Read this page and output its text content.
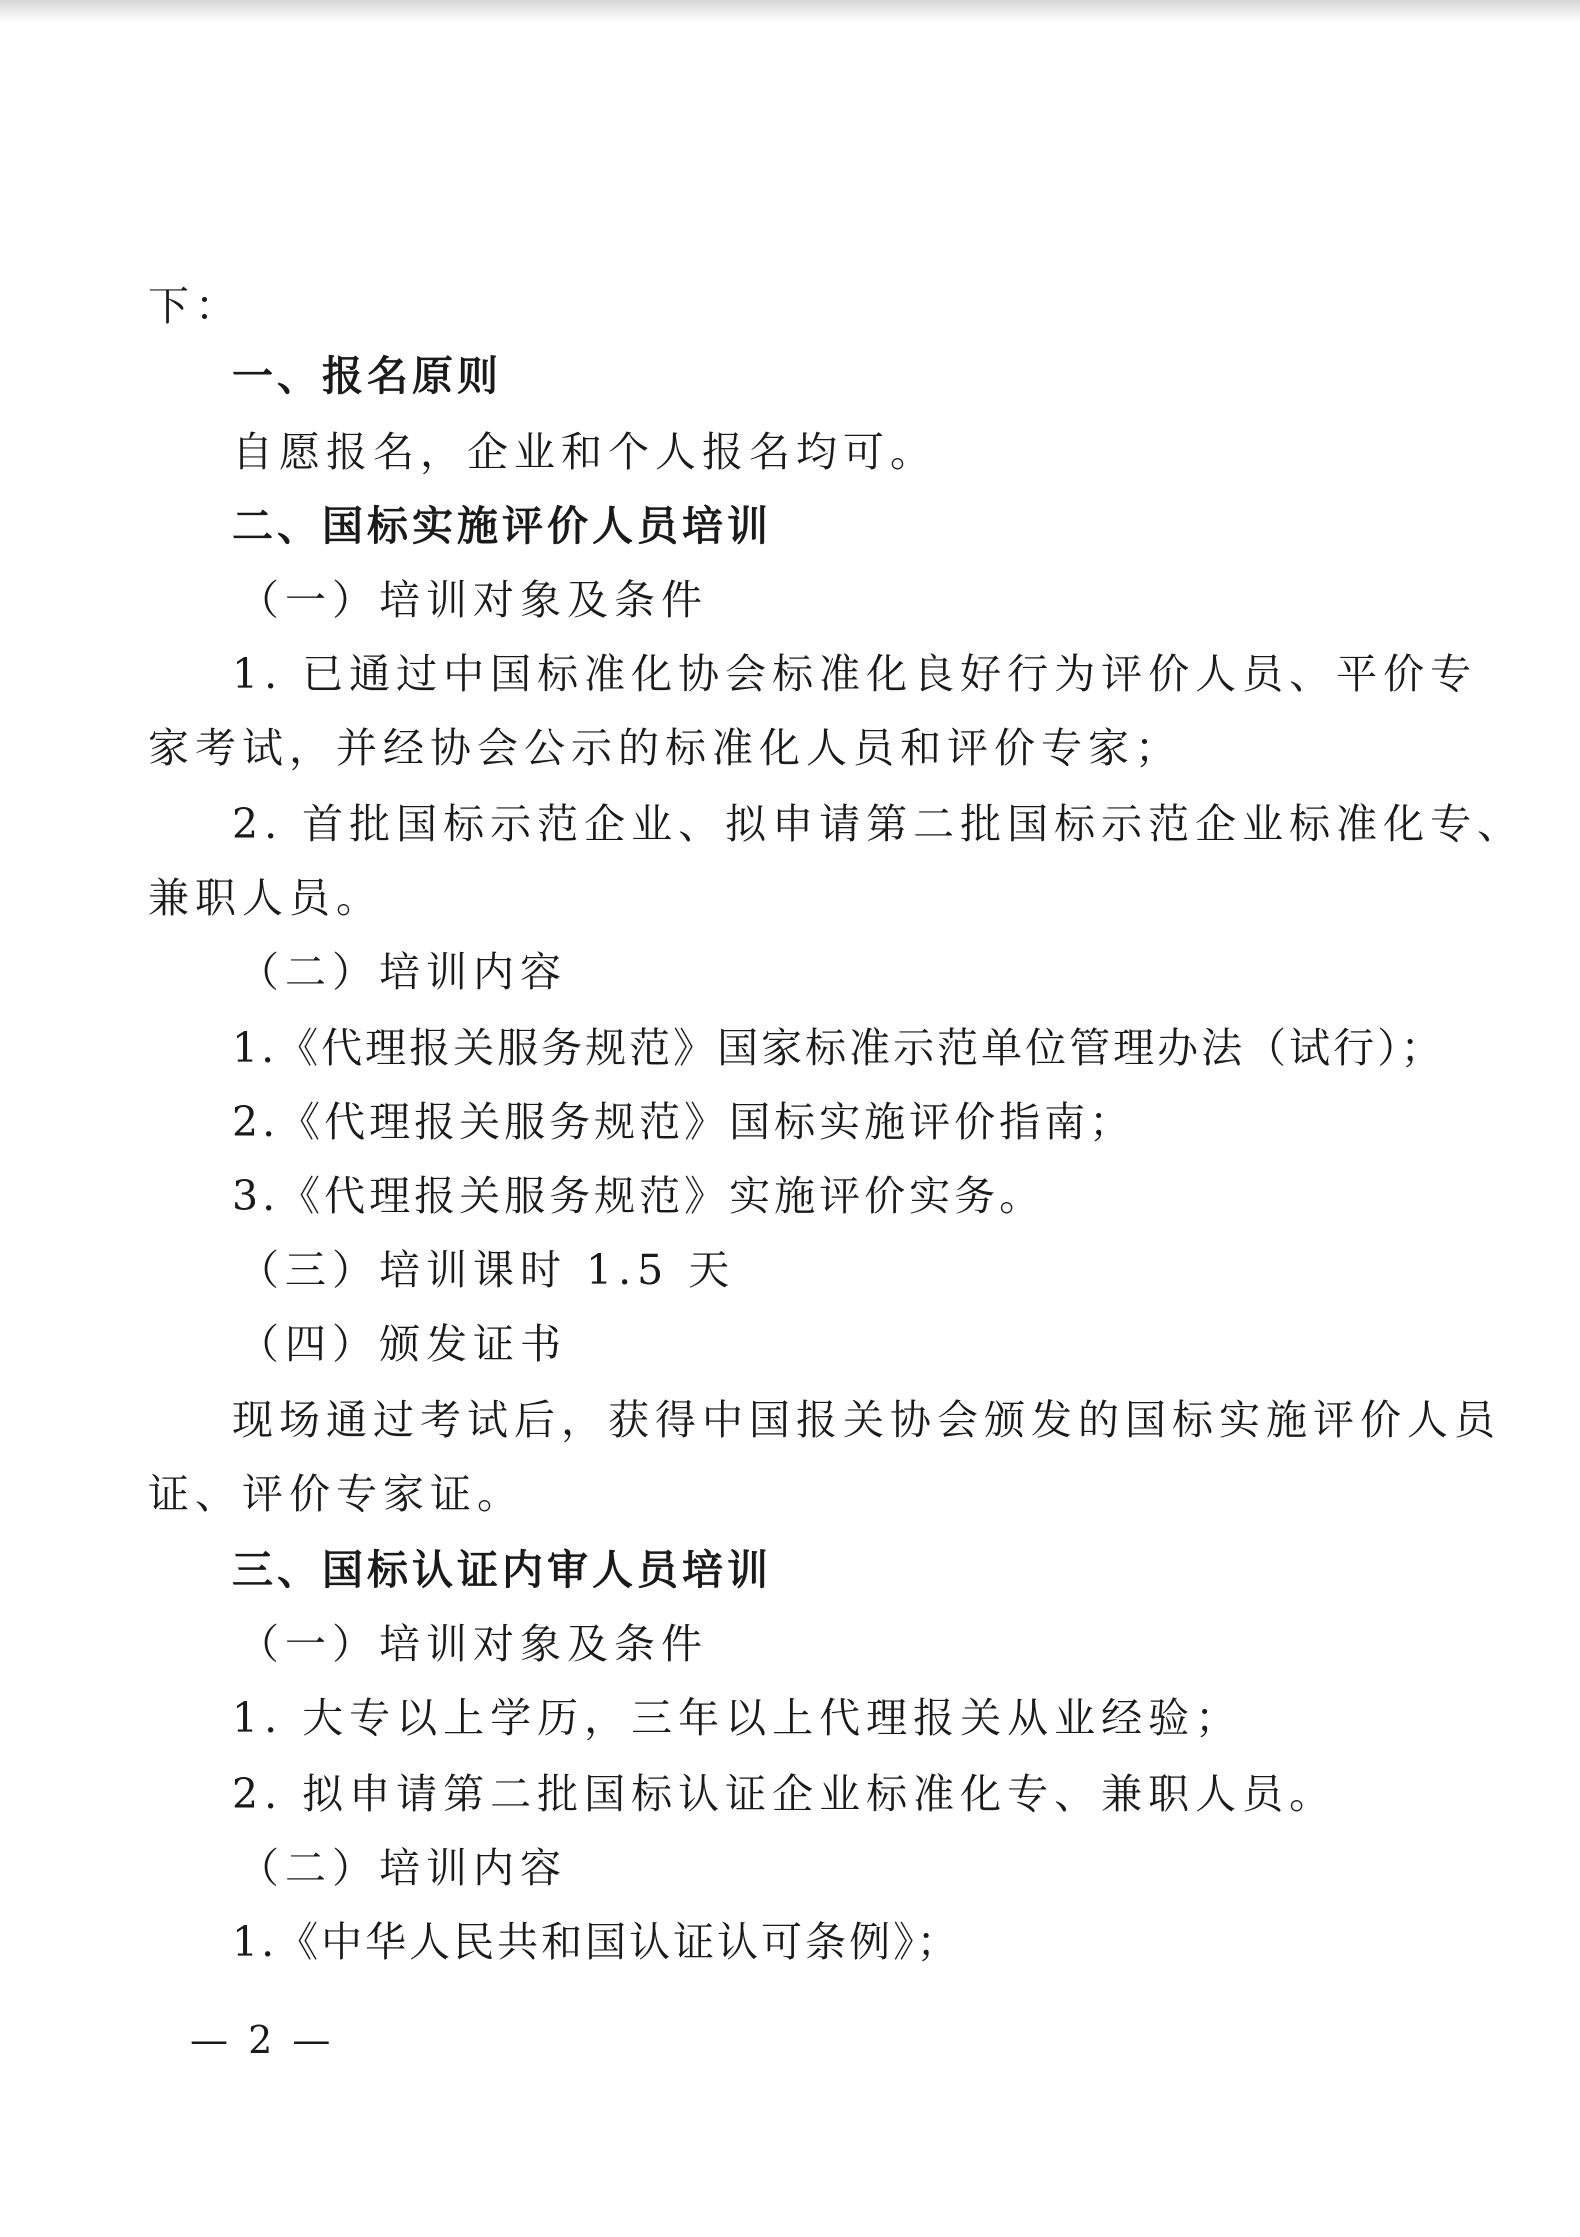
下：
一、报名原则
自愿报名，企业和个人报名均可。
二、国标实施评价人员培训
（一）培训对象及条件
1. 已通过中国标准化协会标准化良好行为评价人员、平价专
家考试，并经协会公示的标准化人员和评价专家；
2. 首批国标示范企业、拟申请第二批国标示范企业标准化专、
兼职人员。
（二）培训内容
1.《代理报关服务规范》国家标准示范单位管理办法（试行）；
2.《代理报关服务规范》国标实施评价指南；
3.《代理报关服务规范》实施评价实务。
（三）培训课时 1.5 天
（四）颁发证书
现场通过考试后，获得中国报关协会颁发的国标实施评价人员
证、评价专家证。
三、国标认证内审人员培训
（一）培训对象及条件
1. 大专以上学历，三年以上代理报关从业经验；
2. 拟申请第二批国标认证企业标准化专、兼职人员。
（二）培训内容
1.《中华人民共和国认证认可条例》；
— 2 —
